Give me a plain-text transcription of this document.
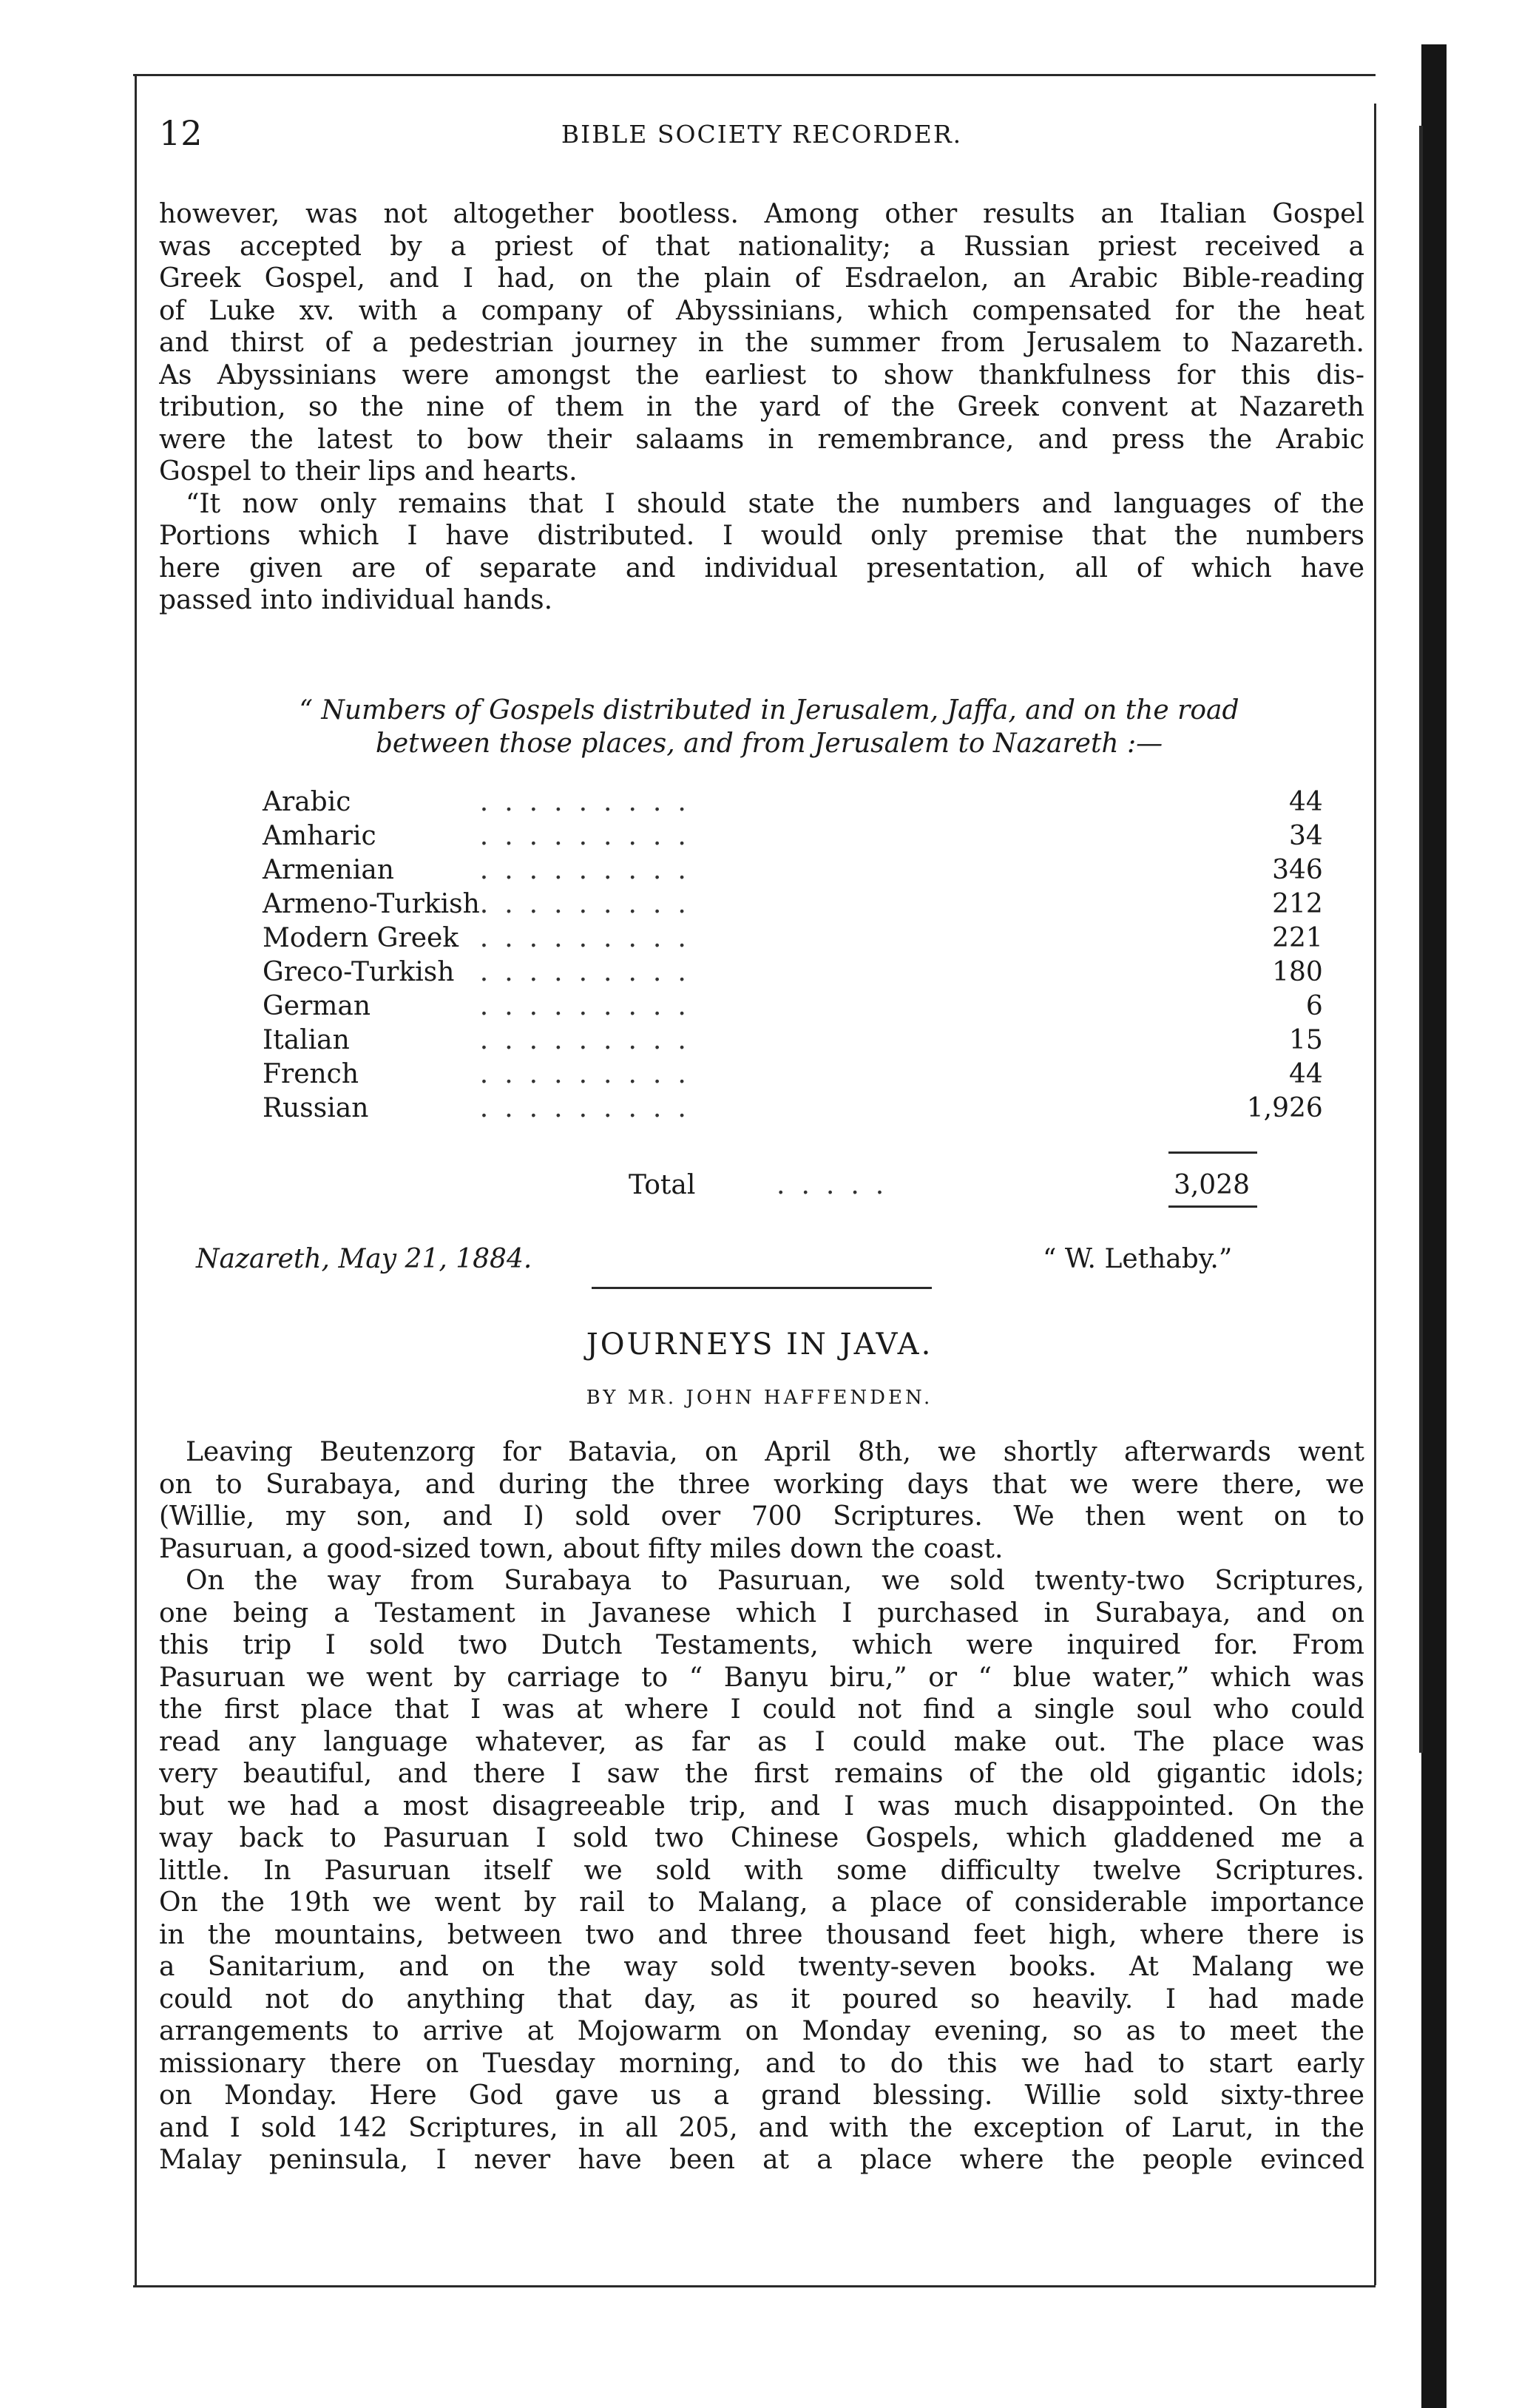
12	BIBLE SOCIETY RECORDER.
however, was not altogether bootless. Among other results an Italian Gospel
was accepted by a priest of that nationality; a Russian priest received a
Greek Gospel, and I had, on the plain of Esdraelon, an Arabic Bible-reading
of Luke xv. with a company of Abyssinians, which compensated for the heat
and thirst of a pedestrian journey in the summer from Jerusalem to Nazareth.
As Abyssinians were amongst the earliest to show thankfulness for this dis-
tribution, so the nine of them in the yard of the Greek convent at Nazareth
were the latest to bow their salaams in remembrance, and press the Arabic
Gospel to their lips and hearts.
“It now only remains that I should state the numbers and languages of the
Portions which I have distributed. I would only premise that the numbers
here given are of separate and individual presentation, all of which have
passed into individual hands.
“ Numbers of Gospels distributed in Jerusalem, Jaffa, and on the road
between those places, and from Jerusalem to Nazareth :—
Arabic	.........	44
Amharic	.........	34
Armenian	.........	346
Armeno-Turkish	.........	212
Modern Greek	.........	221
Greco-Turkish	.........	180
German	.........	6
Italian	.........	15
French	.........	44
Russian	.........	1,926
Total	.....	3,028
Nazareth, May 21, 1884.	“ W. Lethaby.”
JOURNEYS IN JAVA.
BY MR. JOHN HAFFENDEN.
Leaving Beutenzorg for Batavia, on April 8th, we shortly afterwards went
on to Surabaya, and during the three working days that we were there, we
(Willie, my son, and I) sold over 700 Scriptures. We then went on to
Pasuruan, a good-sized town, about fifty miles down the coast.
On the way from Surabaya to Pasuruan, we sold twenty-two Scriptures,
one being a Testament in Javanese which I purchased in Surabaya, and on
this trip I sold two Dutch Testaments, which were inquired for. From
Pasuruan we went by carriage to “ Banyu biru,” or “ blue water,” which was
the first place that I was at where I could not find a single soul who could
read any language whatever, as far as I could make out. The place was
very beautiful, and there I saw the first remains of the old gigantic idols;
but we had a most disagreeable trip, and I was much disappointed. On the
way back to Pasuruan I sold two Chinese Gospels, which gladdened me a
little. In Pasuruan itself we sold with some difficulty twelve Scriptures.
On the 19th we went by rail to Malang, a place of considerable importance
in the mountains, between two and three thousand feet high, where there is
a Sanitarium, and on the way sold twenty-seven books. At Malang we
could not do anything that day, as it poured so heavily. I had made
arrangements to arrive at Mojowarm on Monday evening, so as to meet the
missionary there on Tuesday morning, and to do this we had to start early
on Monday. Here God gave us a grand blessing. Willie sold sixty-three
and I sold 142 Scriptures, in all 205, and with the exception of Larut, in the
Malay peninsula, I never have been at a place where the people evinced
